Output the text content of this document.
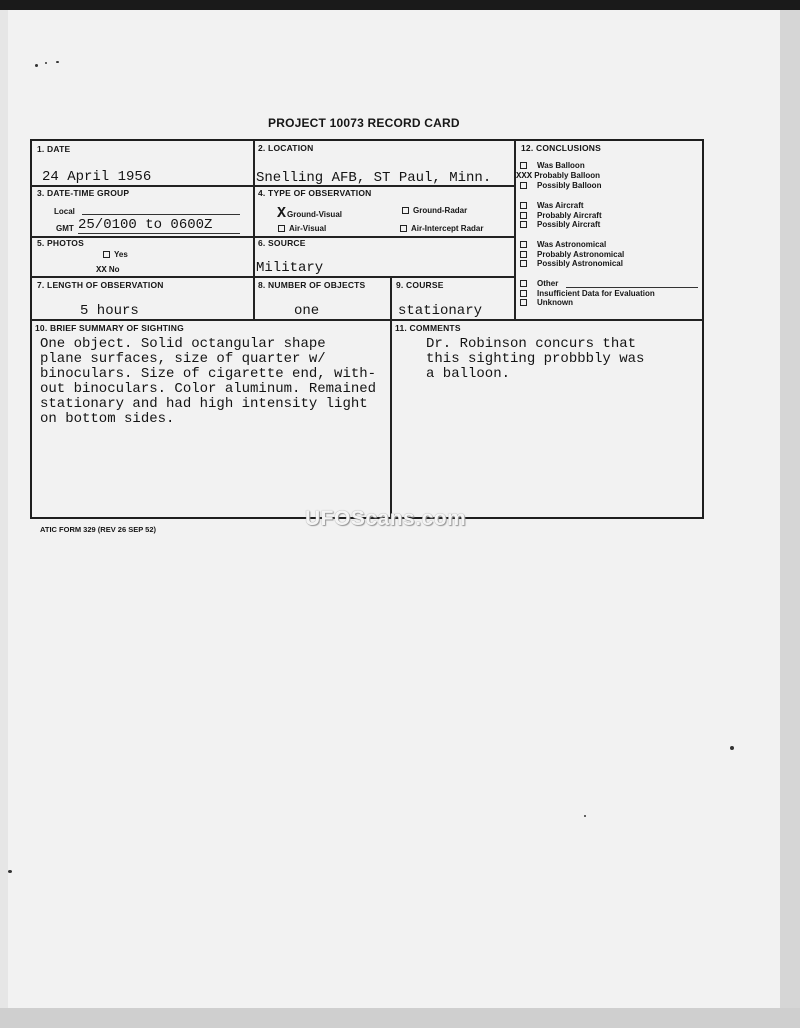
PROJECT 10073 RECORD CARD
1. DATE
24 April 1956
2. LOCATION
Snelling AFB, ST Paul, Minn.
3. DATE-TIME GROUP
Local
GMT 25/0100 to 0600Z
4. TYPE OF OBSERVATION
XGround-Visual	Ground-Radar
Air-Visual	Air-Intercept Radar
5. PHOTOS
Yes
XX No
6. SOURCE
Military
7. LENGTH OF OBSERVATION
5 hours
8. NUMBER OF OBJECTS
one
9. COURSE
stationary
10. BRIEF SUMMARY OF SIGHTING
One object. Solid octangular shape
plane surfaces, size of quarter w/
binoculars. Size of cigarette end, with-
out binoculars. Color aluminum. Remained
stationary and had high intensity light
on bottom sides.
11. COMMENTS
Dr. Robinson concurs that
this sighting probbbly was
a balloon.
12. CONCLUSIONS
Was Balloon
XXX Probably Balloon
Possibly Balloon
Was Aircraft
Probably Aircraft
Possibly Aircraft
Was Astronomical
Probably Astronomical
Possibly Astronomical
Other
Insufficient Data for Evaluation
Unknown
UFOScans.com
ATIC FORM 329 (REV 26 SEP 52)
